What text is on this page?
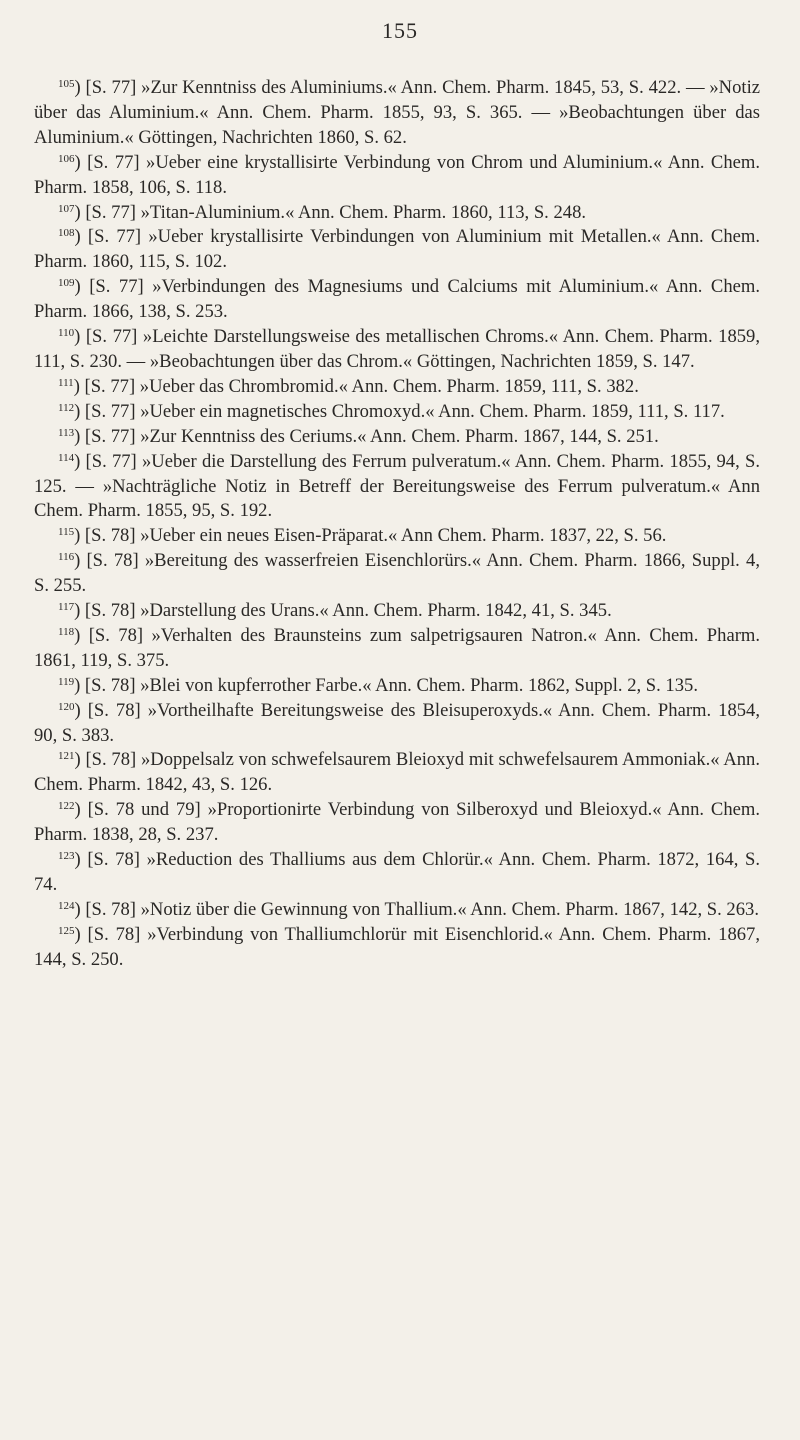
155

$^{105}$) [S. 77] »Zur Kenntniss des Aluminiums.« Ann. Chem. Pharm. 1845, 53, S. 422. — »Notiz über das Aluminium.« Ann. Chem. Pharm. 1855, 93, S. 365. — »Beobachtungen über das Aluminium.« Göttingen, Nachrichten 1860, S. 62.

$^{106}$) [S. 77] »Ueber eine krystallisirte Verbindung von Chrom und Aluminium.« Ann. Chem. Pharm. 1858, 106, S. 118.

$^{107}$) [S. 77] »Titan-Aluminium.« Ann. Chem. Pharm. 1860, 113, S. 248.

$^{108}$) [S. 77] »Ueber krystallisirte Verbindungen von Aluminium mit Metallen.« Ann. Chem. Pharm. 1860, 115, S. 102.

$^{109}$) [S. 77] »Verbindungen des Magnesiums und Calciums mit Aluminium.« Ann. Chem. Pharm. 1866, 138, S. 253.

$^{110}$) [S. 77] »Leichte Darstellungsweise des metallischen Chroms.« Ann. Chem. Pharm. 1859, 111, S. 230. — »Beobachtungen über das Chrom.« Göttingen, Nachrichten 1859, S. 147.

$^{111}$) [S. 77] »Ueber das Chrombromid.« Ann. Chem. Pharm. 1859, 111, S. 382.

$^{112}$) [S. 77] »Ueber ein magnetisches Chromoxyd.« Ann. Chem. Pharm. 1859, 111, S. 117.

$^{113}$) [S. 77] »Zur Kenntniss des Ceriums.« Ann. Chem. Pharm. 1867, 144, S. 251.

$^{114}$) [S. 77] »Ueber die Darstellung des Ferrum pulveratum.« Ann. Chem. Pharm. 1855, 94, S. 125. — »Nachträgliche Notiz in Betreff der Bereitungsweise des Ferrum pulveratum.« Ann Chem. Pharm. 1855, 95, S. 192.

$^{115}$) [S. 78] »Ueber ein neues Eisen-Präparat.« Ann Chem. Pharm. 1837, 22, S. 56.

$^{116}$) [S. 78] »Bereitung des wasserfreien Eisenchlorürs.« Ann. Chem. Pharm. 1866, Suppl. 4, S. 255.

$^{117}$) [S. 78] »Darstellung des Urans.« Ann. Chem. Pharm. 1842, 41, S. 345.

$^{118}$) [S. 78] »Verhalten des Braunsteins zum salpetrigsauren Natron.« Ann. Chem. Pharm. 1861, 119, S. 375.

$^{119}$) [S. 78] »Blei von kupferrother Farbe.« Ann. Chem. Pharm. 1862, Suppl. 2, S. 135.

$^{120}$) [S. 78] »Vortheilhafte Bereitungsweise des Bleisuperoxyds.« Ann. Chem. Pharm. 1854, 90, S. 383.

$^{121}$) [S. 78] »Doppelsalz von schwefelsaurem Bleioxyd mit schwefelsaurem Ammoniak.« Ann. Chem. Pharm. 1842, 43, S. 126.

$^{122}$) [S. 78 und 79] »Proportionirte Verbindung von Silberoxyd und Bleioxyd.« Ann. Chem. Pharm. 1838, 28, S. 237.

$^{123}$) [S. 78] »Reduction des Thalliums aus dem Chlorür.« Ann. Chem. Pharm. 1872, 164, S. 74.

$^{124}$) [S. 78] »Notiz über die Gewinnung von Thallium.« Ann. Chem. Pharm. 1867, 142, S. 263.

$^{125}$) [S. 78] »Verbindung von Thalliumchlorür mit Eisenchlorid.« Ann. Chem. Pharm. 1867, 144, S. 250.
